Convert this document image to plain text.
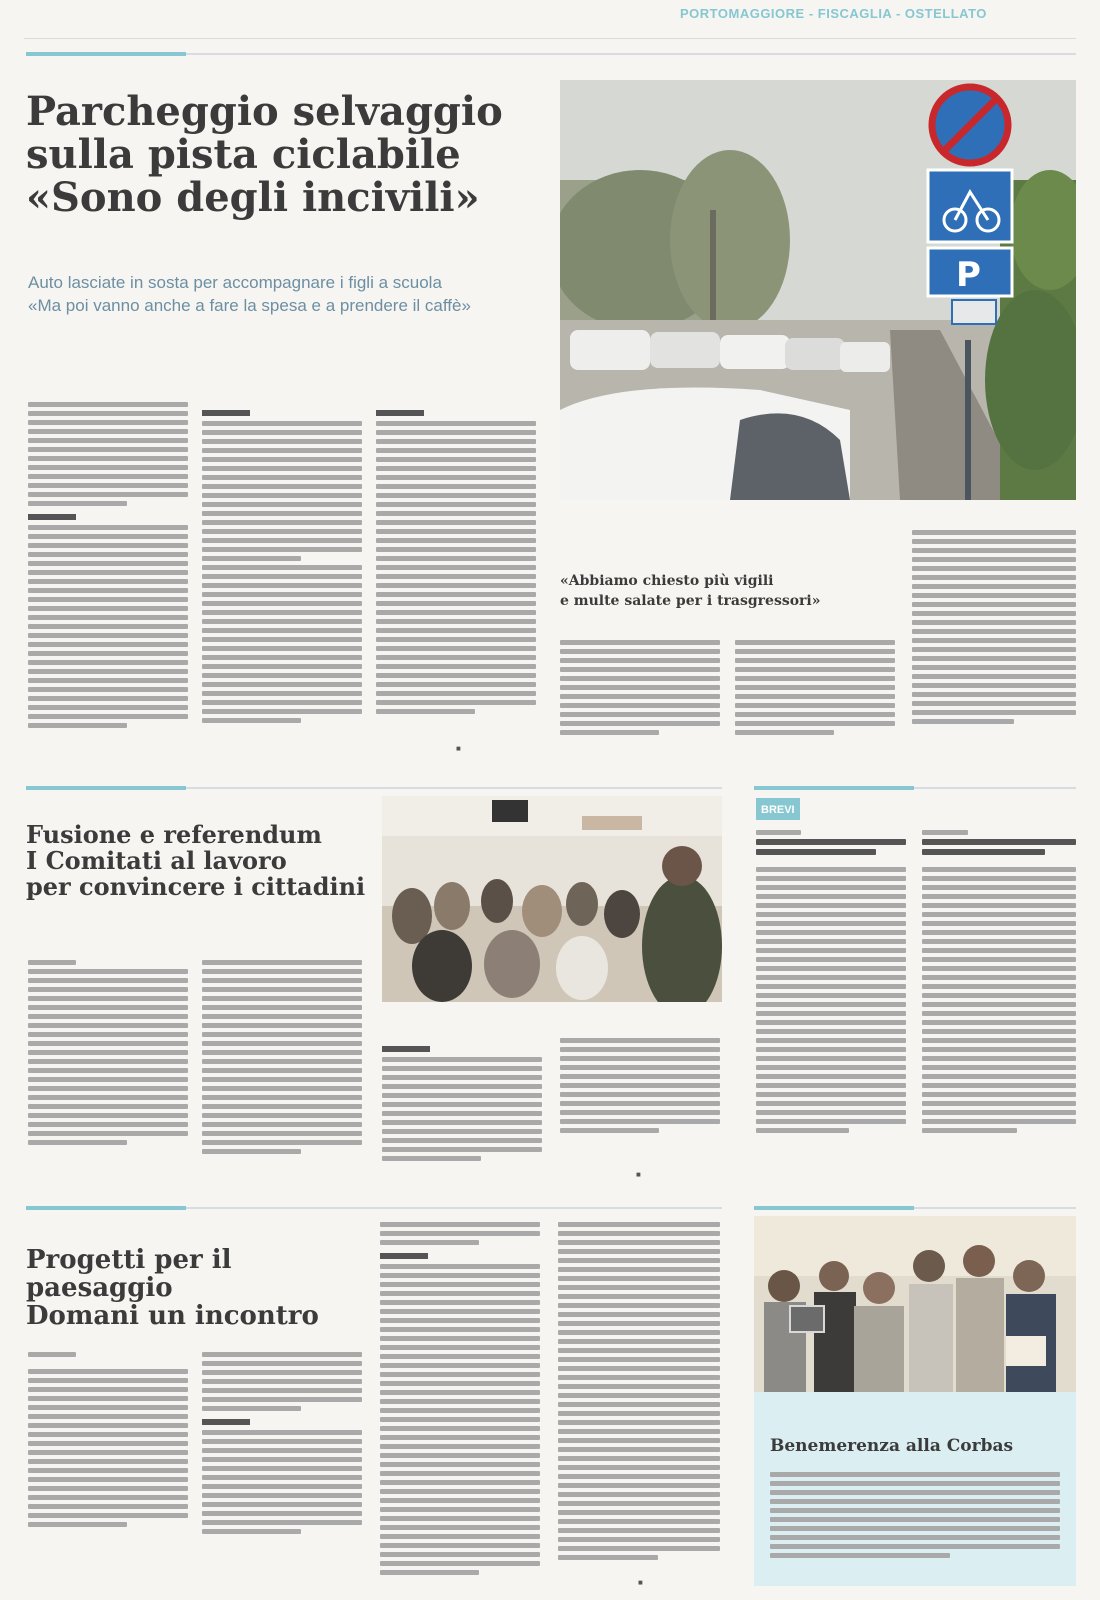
PORTOMAGGIORE - FISCAGLIA - OSTELLATO
Parcheggio selvaggio
sulla pista ciclabile
«Sono degli incivili»
Auto lasciate in sosta per accompagnare i figli a scuola
«Ma poi vanno anche a fare la spesa e a prendere il caffè»
P
■
«Abbiamo chiesto più vigili
e multe salate per i trasgressori»
Fusione e referendum
I Comitati al lavoro
per convincere i cittadini
■
BREVI
Progetti per il paesaggio
Domani un incontro
■
Benemerenza alla Corbas
